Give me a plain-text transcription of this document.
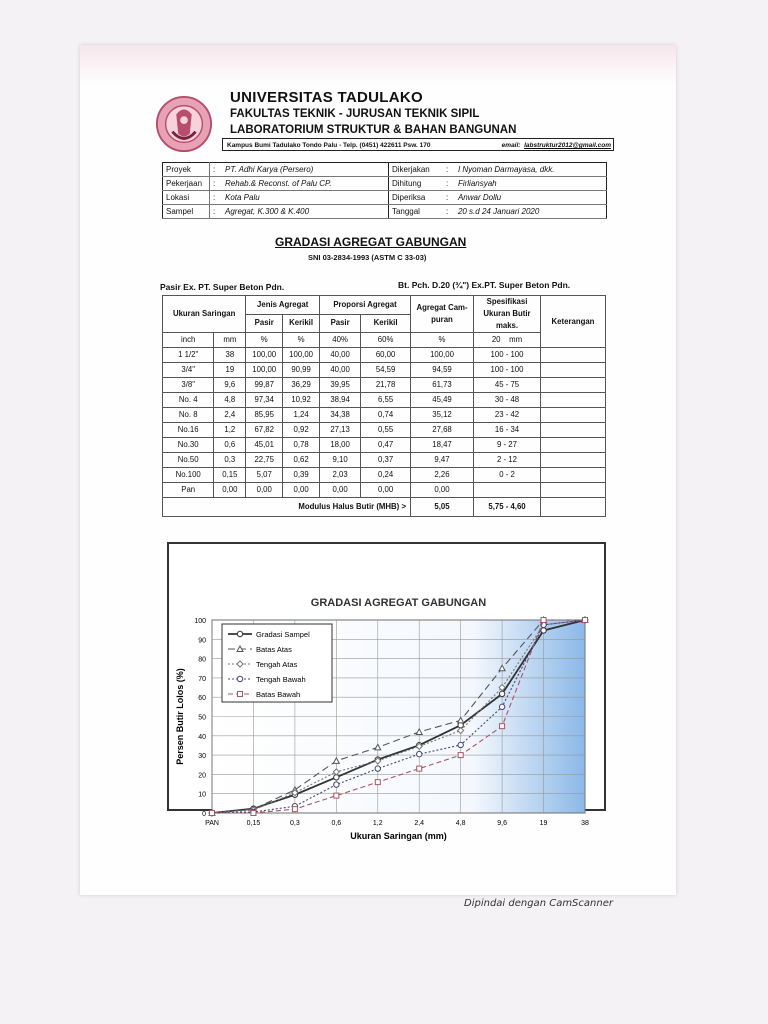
UNIVERSITAS TADULAKO
FAKULTAS TEKNIK - JURUSAN TEKNIK SIPIL
LABORATORIUM STRUKTUR & BAHAN BANGUNAN
Kampus Bumi Tadulako Tondo Palu - Telp. (0451) 422611 Psw. 170	email: labstruktur2012@gmail.com
Proyek	:	PT. Adhi Karya (Persero)	Dikerjakan	:	I Nyoman Darmayasa, dkk.
Pekerjaan	:	Rehab.& Reconst. of Palu CP.	Dihitung	:	Firliansyah
Lokasi	:	Kota Palu	Diperiksa	:	Anwar Dollu
Sampel	:	Agregat, K.300 & K.400	Tanggal	:	20 s.d 24 Januari 2020
GRADASI AGREGAT GABUNGAN
SNI 03-2834-1993 (ASTM C 33-03)
Pasir Ex. PT. Super Beton Pdn.	Bt. Pch. D.20 (¾") Ex.PT. Super Beton Pdn.
Ukuran Saringan		Jenis Agregat		Proporsi Agregat		Agregat Cam-puran	Spesifikasi Ukuran Butir maks.	Keterangan
		Pasir	Kerikil	Pasir	Kerikil			
inch	mm	%	%	40%	60%	%	20 mm	
1 1/2"	38	100,00	100,00	40,00	60,00	100,00	100 - 100	
3/4"	19	100,00	90,99	40,00	54,59	94,59	100 - 100	
3/8"	9,6	99,87	36,29	39,95	21,78	61,73	45 - 75	
No. 4	4,8	97,34	10,92	38,94	6,55	45,49	30 - 48	
No. 8	2,4	85,95	1,24	34,38	0,74	35,12	23 - 42	
No.16	1,2	67,82	0,92	27,13	0,55	27,68	16 - 34	
No.30	0,6	45,01	0,78	18,00	0,47	18,47	9 - 27	
No.50	0,3	22,75	0,62	9,10	0,37	9,47	2 - 12	
No.100	0,15	5,07	0,39	2,03	0,24	2,26	0 - 2	
Pan	0,00	0,00	0,00	0,00	0,00	0,00		
Modulus Halus Butir (MHB) >						5,05	5,75 - 4,60	
0
10
20
30
40
50
60
70
80
90
100
PAN	0,15	0,3	0,6	1,2	2,4	4,8	9,6	19	38
GRADASI AGREGAT GABUNGAN
Ukuran Saringan (mm)
Persen Butir Lolos (%)
Gradasi Sampel
Batas Atas
Tengah Atas
Tengah Bawah
Batas Bawah
Dipindai dengan CamScanner
